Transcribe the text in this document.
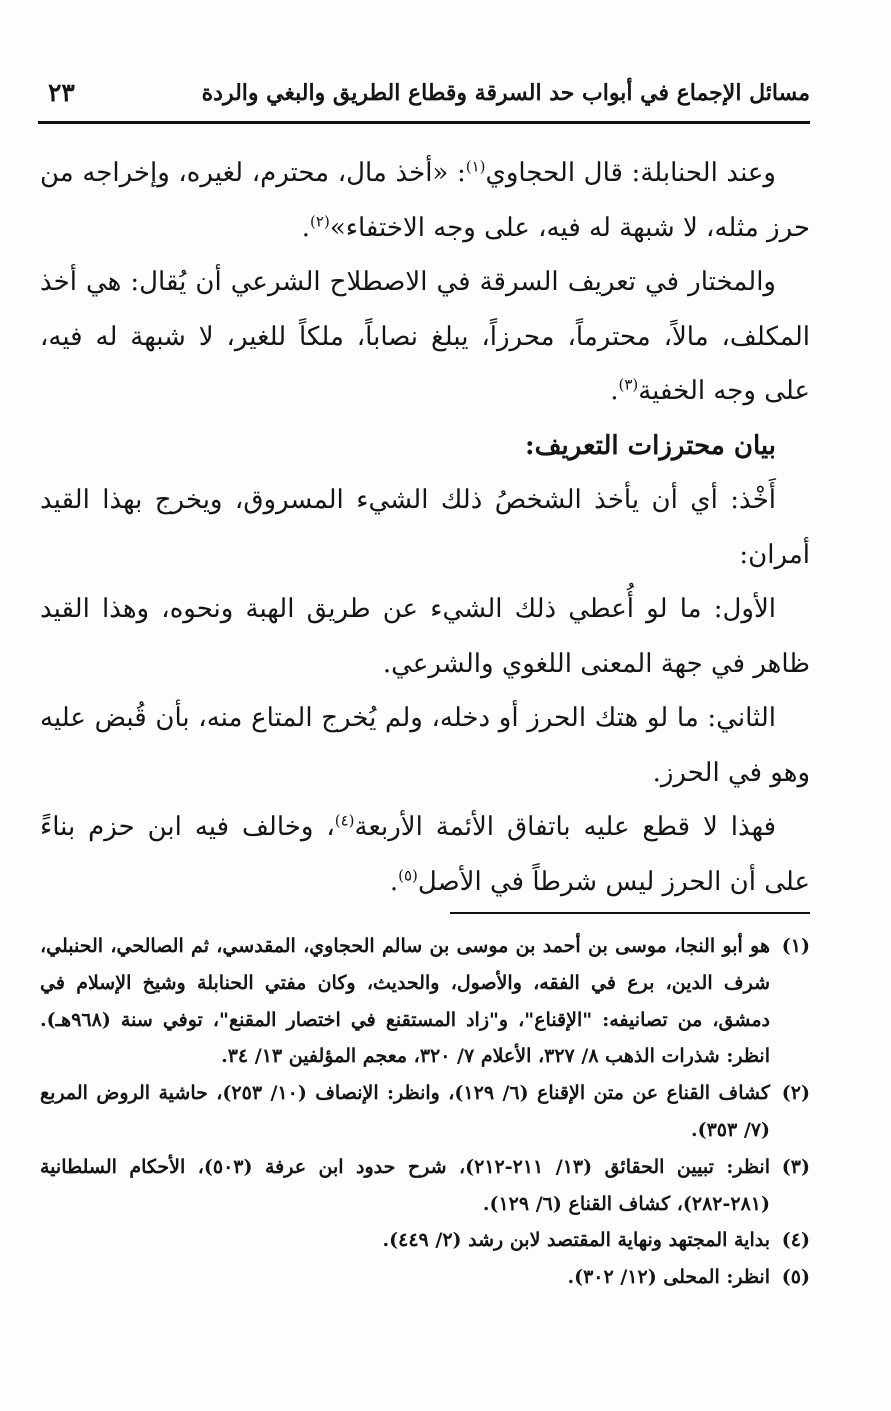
مسائل الإجماع في أبواب حد السرقة وقطاع الطريق والبغي والردة
٢٣

وعند الحنابلة: قال الحجاوي$^{(١)}$: «أخذ مال، محترم، لغيره، وإخراجه من حرز مثله، لا شبهة له فيه، على وجه الاختفاء»$^{(٢)}$.

والمختار في تعريف السرقة في الاصطلاح الشرعي أن يُقال: هي أخذ المكلف، مالاً، محترماً، محرزاً، يبلغ نصاباً، ملكاً للغير، لا شبهة له فيه، على وجه الخفية$^{(٣)}$.

بيان محترزات التعريف:

أَخْذ: أي أن يأخذ الشخصُ ذلك الشيء المسروق، ويخرج بهذا القيد أمران:

الأول: ما لو أُعطي ذلك الشيء عن طريق الهبة ونحوه، وهذا القيد ظاهر في جهة المعنى اللغوي والشرعي.

الثاني: ما لو هتك الحرز أو دخله، ولم يُخرج المتاع منه، بأن قُبض عليه وهو في الحرز.

فهذا لا قطع عليه باتفاق الأئمة الأربعة$^{(٤)}$، وخالف فيه ابن حزم بناءً على أن الحرز ليس شرطاً في الأصل$^{(٥)}$.

(١)
هو أبو النجا، موسى بن أحمد بن موسى بن سالم الحجاوي، المقدسي، ثم الصالحي، الحنبلي، شرف الدين، برع في الفقه، والأصول، والحديث، وكان مفتي الحنابلة وشيخ الإسلام في دمشق، من تصانيفه: "الإقناع"، و"زاد المستقنع في اختصار المقنع"، توفي سنة (٩٦٨هـ). انظر: شذرات الذهب ٨/ ٣٢٧، الأعلام ٧/ ٣٢٠، معجم المؤلفين ١٣/ ٣٤.

(٢)
كشاف القناع عن متن الإقناع (٦/ ١٢٩)، وانظر: الإنصاف (١٠/ ٢٥٣)، حاشية الروض المربع (٧/ ٣٥٣).

(٣)
انظر: تبيين الحقائق (١٣/ ٢١١-٢١٢)، شرح حدود ابن عرفة (٥٠٣)، الأحكام السلطانية (٢٨١-٢٨٢)، كشاف القناع (٦/ ١٢٩).

(٤)
بداية المجتهد ونهاية المقتصد لابن رشد (٢/ ٤٤٩).

(٥)
انظر: المحلى (١٢/ ٣٠٢).
